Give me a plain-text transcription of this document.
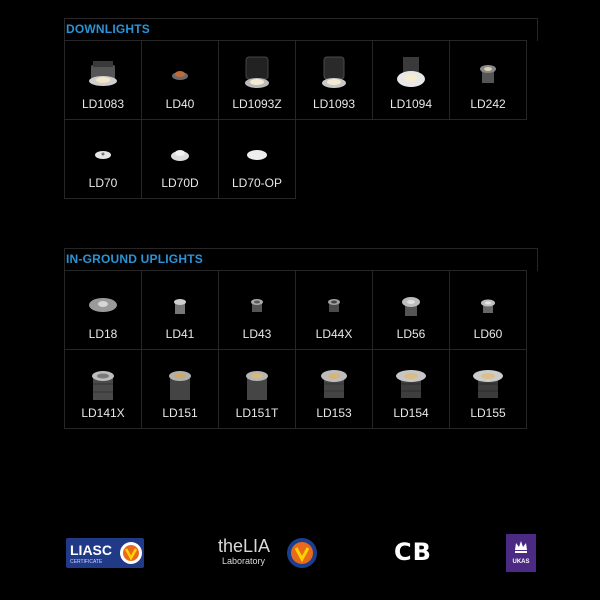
DOWNLIGHTS
LD1083	LD40	LD1093Z	LD1093	LD1094	LD242
LD70	LD70D	LD70-OP
IN-GROUND UPLIGHTS
LD18	LD41	LD43	LD44X	LD56	LD60
LD141X	LD151	LD151T	LD153	LD154	LD155
LIASC
CERTIFICATE
theLIA
Laboratory	CB	UKAS
